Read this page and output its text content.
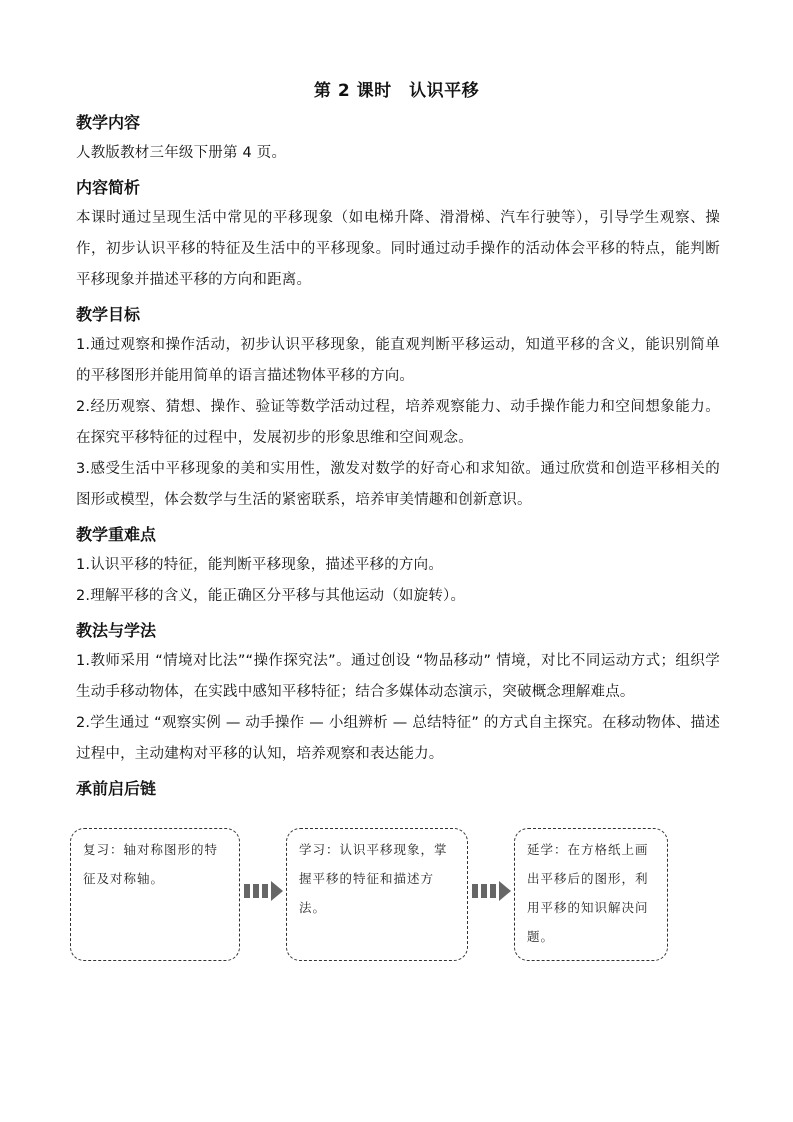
第 2 课时　认识平移
教学内容
人教版教材三年级下册第 4 页。
内容简析
本课时通过呈现生活中常见的平移现象（如电梯升降、滑滑梯、汽车行驶等），引导学生观察、操作，初步认识平移的特征及生活中的平移现象。同时通过动手操作的活动体会平移的特点，能判断平移现象并描述平移的方向和距离。
教学目标
1.通过观察和操作活动，初步认识平移现象，能直观判断平移运动，知道平移的含义，能识别简单的平移图形并能用简单的语言描述物体平移的方向。
2.经历观察、猜想、操作、验证等数学活动过程，培养观察能力、动手操作能力和空间想象能力。在探究平移特征的过程中，发展初步的形象思维和空间观念。
3.感受生活中平移现象的美和实用性，激发对数学的好奇心和求知欲。通过欣赏和创造平移相关的图形或模型，体会数学与生活的紧密联系，培养审美情趣和创新意识。
教学重难点
1.认识平移的特征，能判断平移现象，描述平移的方向。
2.理解平移的含义，能正确区分平移与其他运动（如旋转）。
教法与学法
1.教师采用 “情境对比法”“操作探究法”。通过创设 “物品移动” 情境，对比不同运动方式；组织学生动手移动物体，在实践中感知平移特征；结合多媒体动态演示，突破概念理解难点。
2.学生通过 “观察实例 — 动手操作 — 小组辨析 — 总结特征” 的方式自主探究。在移动物体、描述过程中，主动建构对平移的认知，培养观察和表达能力。
承前启后链
复习：轴对称图形的特征及对称轴。
学习：认识平移现象，掌握平移的特征和描述方法。
延学：在方格纸上画出平移后的图形，利用平移的知识解决问题。
